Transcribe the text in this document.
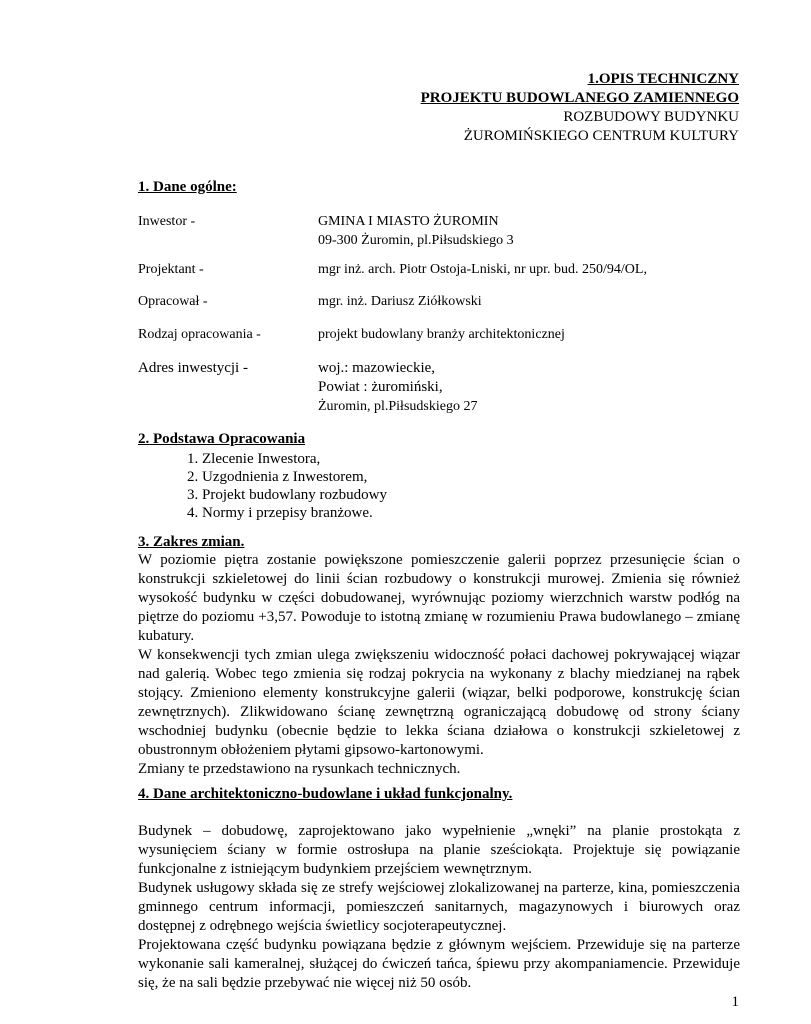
1.OPIS TECHNICZNY
PROJEKTU BUDOWLANEGO ZAMIENNEGO
ROZBUDOWY BUDYNKU
ŻUROMIŃSKIEGO CENTRUM KULTURY
1. Dane ogólne:
Inwestor -	GMINA I MIASTO ŻUROMIN
09-300 Żuromin, pl.Piłsudskiego 3
Projektant -	mgr inż. arch. Piotr Ostoja-Lniski, nr upr. bud. 250/94/OL,
Opracował -	mgr. inż. Dariusz Ziółkowski
Rodzaj opracowania -	projekt budowlany branży architektonicznej
Adres inwestycji -	woj.: mazowieckie,
Powiat : żuromiński,
Żuromin, pl.Piłsudskiego 27
2. Podstawa Opracowania
1. Zlecenie Inwestora,
2. Uzgodnienia z Inwestorem,
3. Projekt budowlany rozbudowy
4. Normy i przepisy branżowe.
3. Zakres zmian.

W poziomie piętra zostanie powiększone pomieszczenie galerii poprzez przesunięcie ścian o konstrukcji szkieletowej do linii ścian rozbudowy o konstrukcji murowej. Zmienia się również wysokość budynku w części dobudowanej, wyrównując poziomy wierzchnich warstw podłóg na piętrze do poziomu +3,57. Powoduje to istotną zmianę w rozumieniu Prawa budowlanego – zmianę kubatury.

W konsekwencji tych zmian ulega zwiększeniu widoczność połaci dachowej pokrywającej wiązar nad galerią. Wobec tego zmienia się rodzaj pokrycia na wykonany z blachy miedzianej na rąbek stojący. Zmieniono elementy konstrukcyjne galerii (wiązar, belki podporowe, konstrukcję ścian zewnętrznych). Zlikwidowano ścianę zewnętrzną ograniczającą dobudowę od strony ściany wschodniej budynku (obecnie będzie to lekka ściana działowa o konstrukcji szkieletowej z obustronnym obłożeniem płytami gipsowo-kartonowymi.

Zmiany te przedstawiono na rysunkach technicznych.

4. Dane architektoniczno-budowlane i układ funkcjonalny.

Budynek – dobudowę, zaprojektowano jako wypełnienie „wnęki” na planie prostokąta z wysunięciem ściany w formie ostrosłupa na planie sześciokąta. Projektuje się powiązanie funkcjonalne z istniejącym budynkiem przejściem wewnętrznym.

Budynek usługowy składa się ze strefy wejściowej zlokalizowanej na parterze, kina, pomieszczenia gminnego centrum informacji, pomieszczeń sanitarnych, magazynowych i biurowych oraz dostępnej z odrębnego wejścia świetlicy socjoterapeutycznej.

Projektowana część budynku powiązana będzie z głównym wejściem. Przewiduje się na parterze wykonanie sali kameralnej, służącej do ćwiczeń tańca, śpiewu przy akompaniamencie. Przewiduje się, że na sali będzie przebywać nie więcej niż 50 osób.

1
